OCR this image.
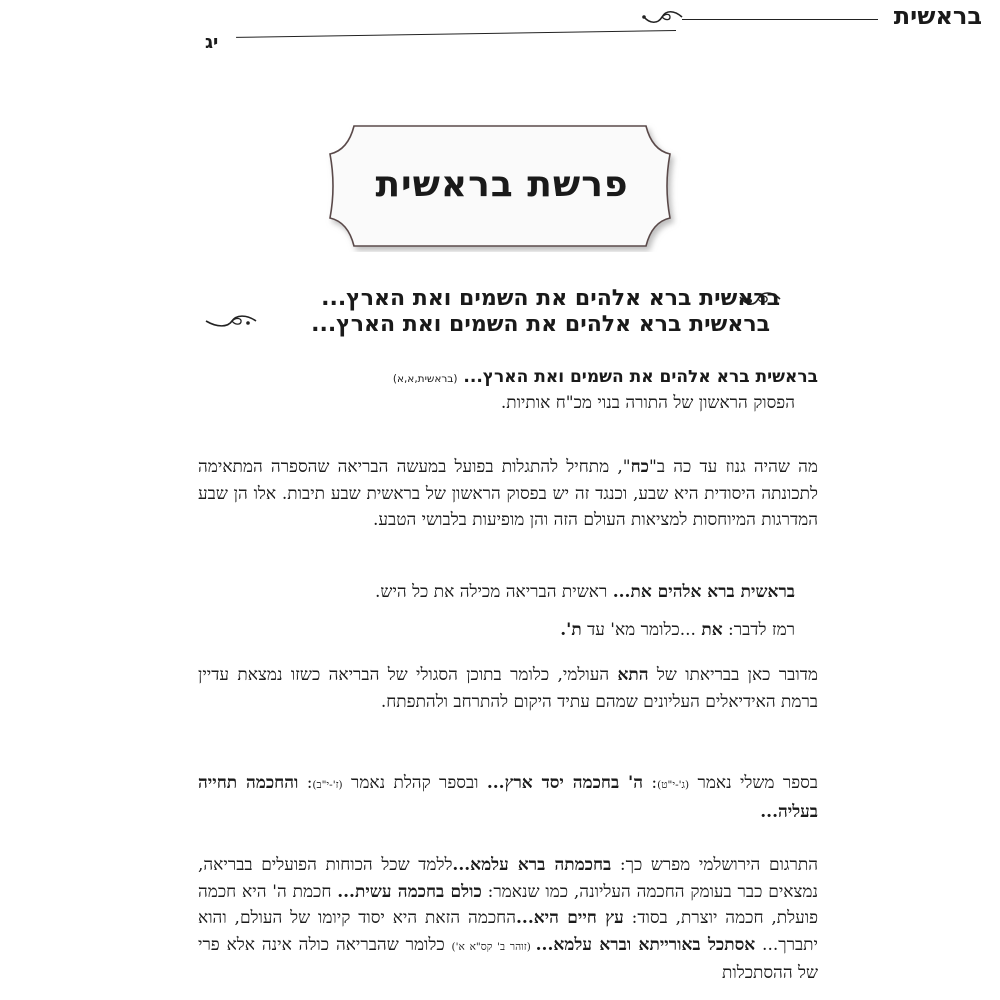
בראשית
יג
פרשת בראשית
בראשית ברא אלהים את השמים ואת הארץ...
בראשית ברא אלהים את השמים ואת הארץ...
בראשית ברא אלהים את השמים ואת הארץ... (בראשית,א,א)
הפסוק הראשון של התורה בנוי מכ"ח אותיות.
מה שהיה גנוז עד כה ב"כח", מתחיל להתגלות בפועל במעשה הבריאה שהספרה המתאימה לתכונתה היסודית היא שבע, וכנגד זה יש בפסוק הראשון של בראשית שבע תיבות. אלו הן שבע המדרגות המיוחסות למציאות העולם הזה והן מופיעות בלבושי הטבע.
בראשית ברא אלהים את... ראשית הבריאה מכילה את כל היש.
רמז לדבר: את ...כלומר מא' עד ת'.
מדובר כאן בבריאתו של התא העולמי, כלומר בתוכן הסגולי של הבריאה כשזו נמצאת עדיין ברמת האידיאלים העליונים שמהם עתיד היקום להתרחב ולהתפתח.
בספר משלי נאמר (ג'-י"ט): ה' בחכמה יסד ארץ... ובספר קהלת נאמר (ז'-י"ב): והחכמה תחייה בעליה...
התרגום הירושלמי מפרש כך: בחכמתה ברא עלמא...ללמד שכל הכוחות הפועלים בבריאה, נמצאים כבר בעומק החכמה העליונה, כמו שנאמר: כולם בחכמה עשית... חכמת ה' היא חכמה פועלת, חכמה יוצרת, בסוד: עץ חיים היא...החכמה הזאת היא יסוד קיומו של העולם, והוא יתברך... אסתכל באורייתא וברא עלמא... (זוהר ב' קס"א א') כלומר שהבריאה כולה אינה אלא פרי של ההסתכלות
